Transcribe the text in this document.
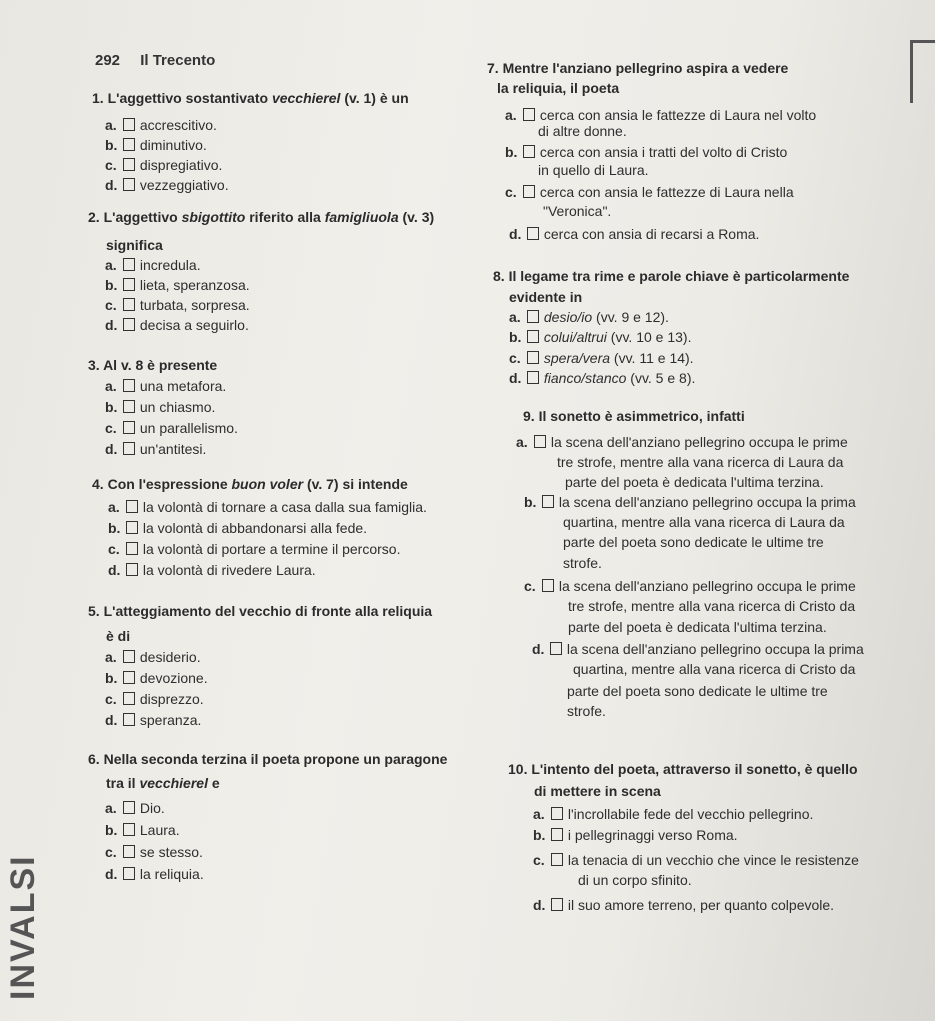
292 Il Trecento
1. L'aggettivo sostantivato vecchierel (v. 1) è un
a. accrescitivo.
b. diminutivo.
c. dispregiativo.
d. vezzeggiativo.
2. L'aggettivo sbigottito riferito alla famigliuola (v. 3)
significa
a. incredula.
b. lieta, speranzosa.
c. turbata, sorpresa.
d. decisa a seguirlo.
3. Al v. 8 è presente
a. una metafora.
b. un chiasmo.
c. un parallelismo.
d. un'antitesi.
4. Con l'espressione buon voler (v. 7) si intende
a. la volontà di tornare a casa dalla sua famiglia.
b. la volontà di abbandonarsi alla fede.
c. la volontà di portare a termine il percorso.
d. la volontà di rivedere Laura.
5. L'atteggiamento del vecchio di fronte alla reliquia
è di
a. desiderio.
b. devozione.
c. disprezzo.
d. speranza.
6. Nella seconda terzina il poeta propone un paragone
tra il vecchierel e
a. Dio.
b. Laura.
c. se stesso.
d. la reliquia.
7. Mentre l'anziano pellegrino aspira a vedere
la reliquia, il poeta
a. cerca con ansia le fattezze di Laura nel volto
di altre donne.
b. cerca con ansia i tratti del volto di Cristo
in quello di Laura.
c. cerca con ansia le fattezze di Laura nella
"Veronica".
d. cerca con ansia di recarsi a Roma.
8. Il legame tra rime e parole chiave è particolarmente
evidente in
a. desio/io (vv. 9 e 12).
b. colui/altrui (vv. 10 e 13).
c. spera/vera (vv. 11 e 14).
d. fianco/stanco (vv. 5 e 8).
9. Il sonetto è asimmetrico, infatti
a. la scena dell'anziano pellegrino occupa le prime
tre strofe, mentre alla vana ricerca di Laura da
parte del poeta è dedicata l'ultima terzina.
b. la scena dell'anziano pellegrino occupa la prima
quartina, mentre alla vana ricerca di Laura da
parte del poeta sono dedicate le ultime tre
strofe.
c. la scena dell'anziano pellegrino occupa le prime
tre strofe, mentre alla vana ricerca di Cristo da
parte del poeta è dedicata l'ultima terzina.
d. la scena dell'anziano pellegrino occupa la prima
quartina, mentre alla vana ricerca di Cristo da
parte del poeta sono dedicate le ultime tre
strofe.
10. L'intento del poeta, attraverso il sonetto, è quello
di mettere in scena
a. l'incrollabile fede del vecchio pellegrino.
b. i pellegrinaggi verso Roma.
c. la tenacia di un vecchio che vince le resistenze
di un corpo sfinito.
d. il suo amore terreno, per quanto colpevole.
INVALSI
